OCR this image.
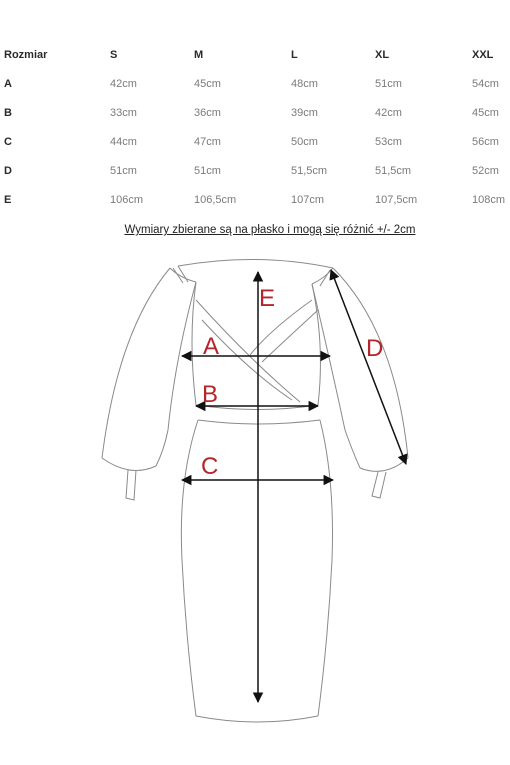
Rozmiar	S	M	L	XL	XXL
A	42cm	45cm	48cm	51cm	54cm
B	33cm	36cm	39cm	42cm	45cm
C	44cm	47cm	50cm	53cm	56cm
D	51cm	51cm	51,5cm	51,5cm	52cm
E	106cm	106,5cm	107cm	107,5cm	108cm
Wymiary zbierane są na płasko i mogą się różnić +/- 2cm
A
B
C
D
E
